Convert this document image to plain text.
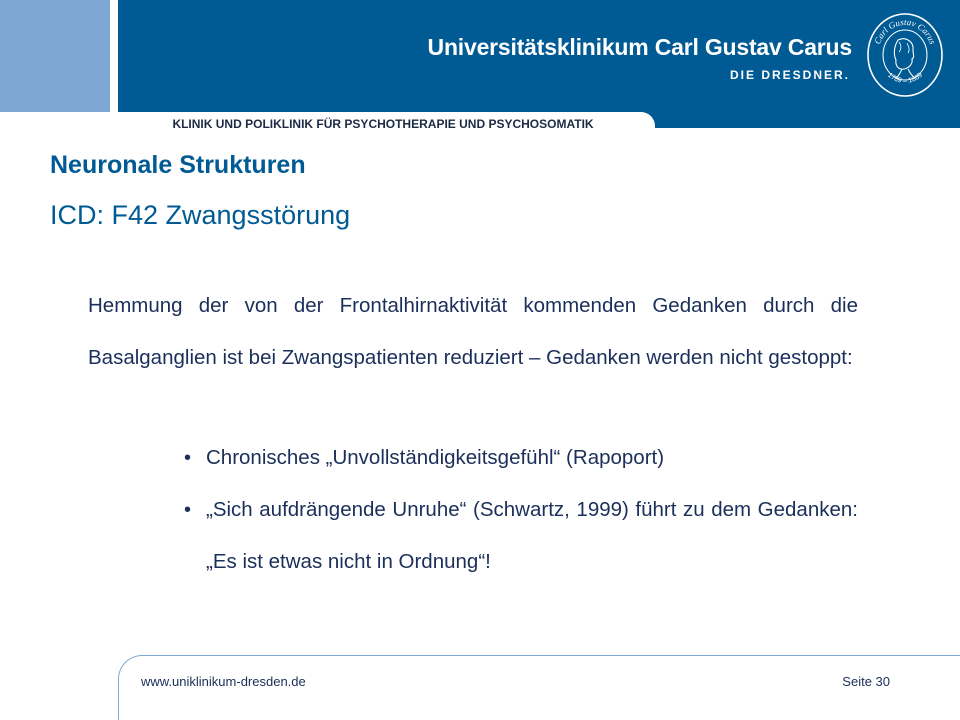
Universitätsklinikum Carl Gustav Carus
DIE DRESDNER.
Carl Gustav Carus
1789 – 1869
KLINIK UND POLIKLINIK FÜR PSYCHOTHERAPIE UND PSYCHOSOMATIK
Neuronale Strukturen
ICD: F42 Zwangsstörung

Hemmung der von der Frontalhirnaktivität kommenden Gedanken durch die Basalganglien ist bei Zwangspatienten reduziert – Gedanken werden nicht gestoppt:

• Chronisches „Unvollständigkeitsgefühl“ (Rapoport)
• „Sich aufdrängende Unruhe“ (Schwartz, 1999) führt zu dem Gedanken: „Es ist etwas nicht in Ordnung“!
www.uniklinikum-dresden.de	Seite 30
